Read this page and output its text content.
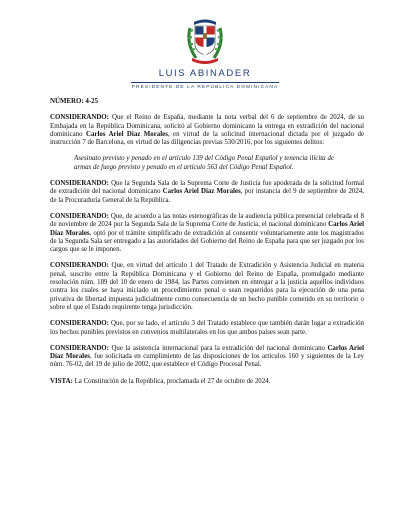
LUIS ABINADER
PRESIDENTE DE LA REPÚBLICA DOMINICANA

NÚMERO: 4-25

CONSIDERANDO: Que el Reino de España, mediante la nota verbal del 6 de septiembre de 2024, de su Embajada en la República Dominicana, solicitó al Gobierno dominicano la entrega en extradición del nacional dominicano Carlos Ariel Díaz Morales, en virtud de la solicitud internacional dictada por el juzgado de instrucción 7 de Barcelona, en virtud de las diligencias previas 530/2016, por los siguientes delitos:

Asesinato previsto y penado en el artículo 139 del Código Penal Español y tenencia ilícita de armas de fuego previsto y penado en el artículo 563 del Código Penal Español.

CONSIDERANDO: Que la Segunda Sala de la Suprema Corte de Justicia fue apoderada de la solicitud formal de extradición del nacional dominicano Carlos Ariel Díaz Morales, por instancia del 9 de septiembre de 2024, de la Procuraduría General de la República.

CONSIDERANDO: Que, de acuerdo a las notas estenográficas de la audiencia pública presencial celebrada el 8 de noviembre de 2024 por la Segunda Sala de la Suprema Corte de Justicia, el nacional dominicano Carlos Ariel Díaz Morales, optó por el trámite simplificado de extradición al consentir voluntariamente ante los magistrados de la Segunda Sala ser entregado a las autoridades del Gobierno del Reino de España para que ser juzgado por los cargos que se le imponen.

CONSIDERANDO: Que, en virtud del artículo 1 del Tratado de Extradición y Asistencia Judicial en materia penal, suscrito entre la República Dominicana y el Gobierno del Reino de España, promulgado mediante resolución núm. 189 del 10 de enero de 1984, las Partes convienen en entregar a la justicia aquellos individuos contra los cuales se haya iniciado un procedimiento penal o sean requeridos para la ejecución de una pena privativa de libertad impuesta judicialmente como consecuencia de un hecho punible cometido en su territorio o sobre el que el Estado requirente tenga jurisdicción.

CONSIDERANDO: Que, por su lado, el artículo 3 del Tratado establece que también darán lugar a extradición los hechos punibles previstos en convenios multilaterales en los que ambos países sean parte.

CONSIDERANDO: Que la asistencia internacional para la extradición del nacional dominicano Carlos Ariel Díaz Morales, fue solicitada en cumplimiento de las disposiciones de los artículos 160 y siguientes de la Ley núm. 76-02, del 19 de julio de 2002, que establece el Código Procesal Penal.

VISTA: La Constitución de la República, proclamada el 27 de octubre de 2024.
